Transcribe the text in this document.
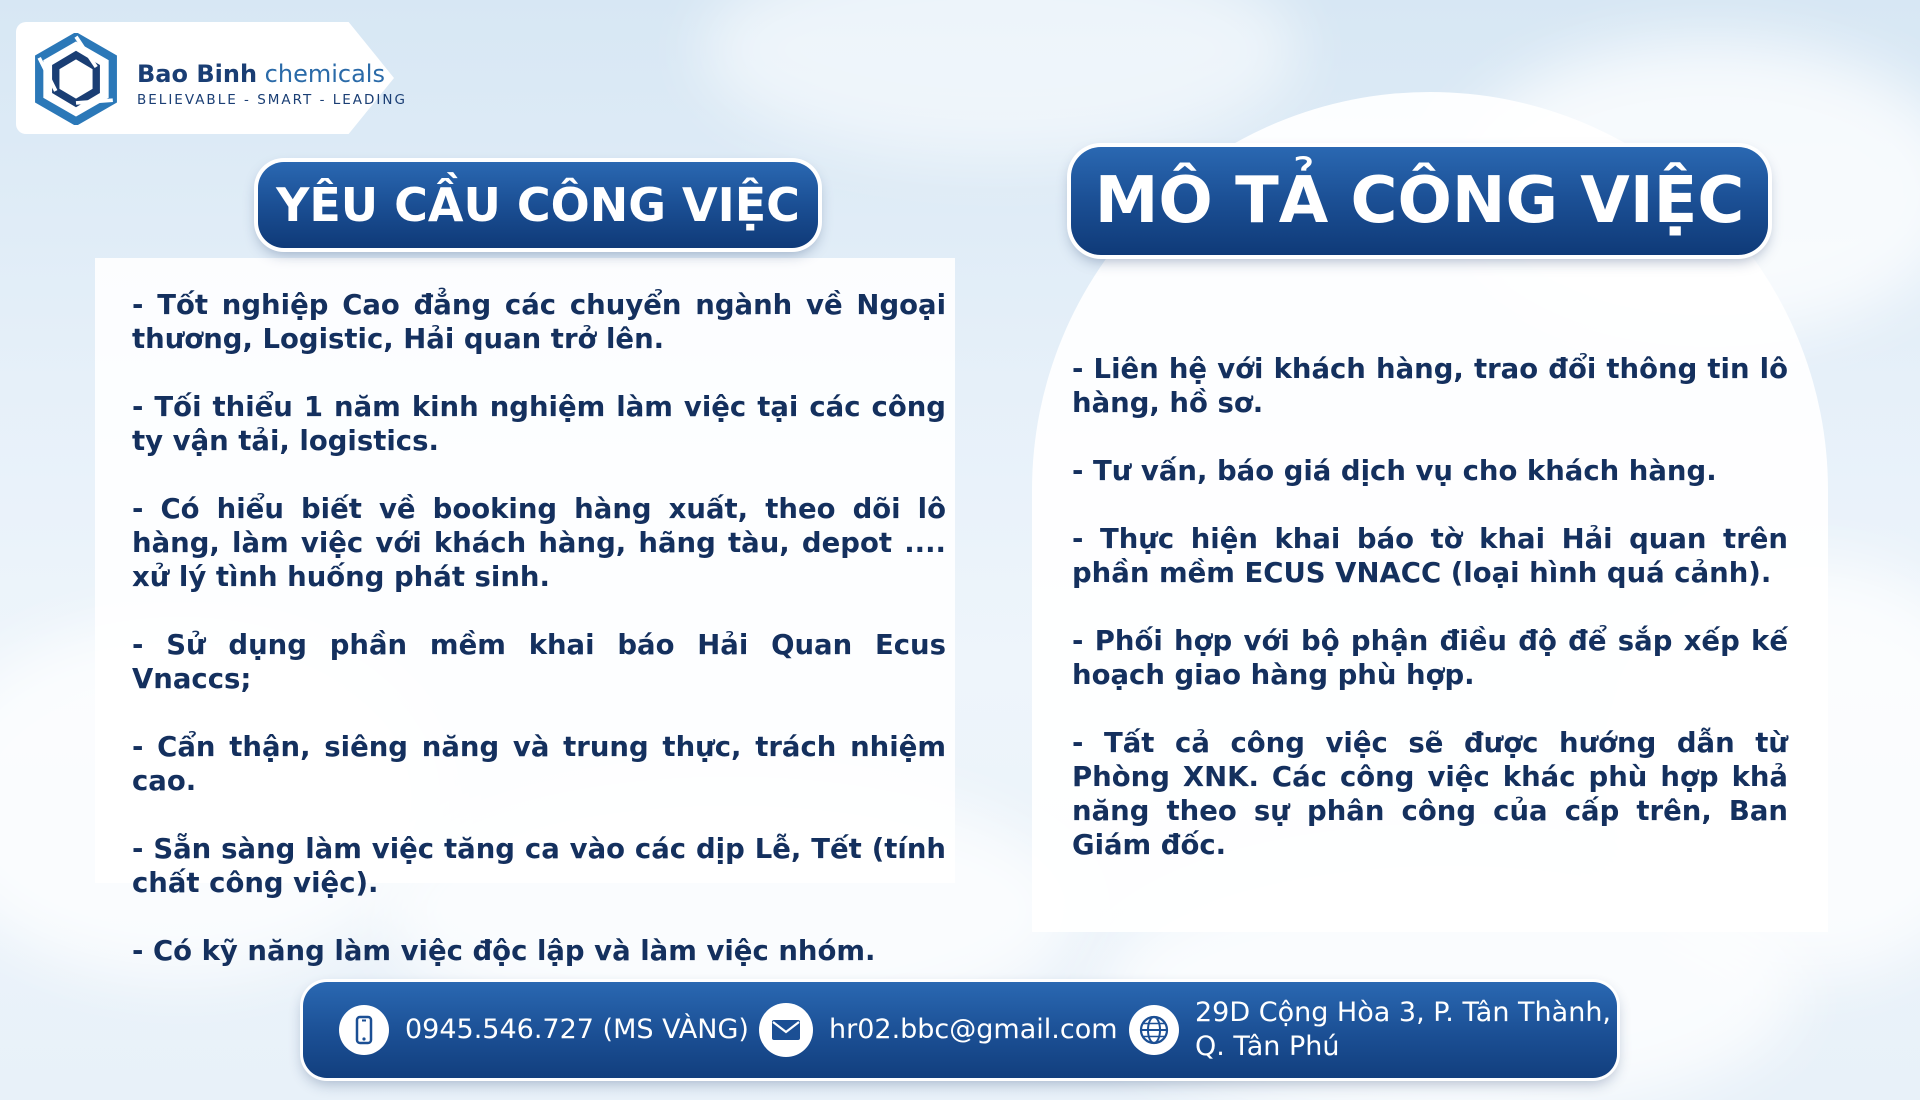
Bao Binh chemicals
BELIEVABLE - SMART - LEADING
YÊU CẦU CÔNG VIỆC	MÔ TẢ CÔNG VIỆC

- Tốt nghiệp Cao đẳng các chuyển ngành về Ngoại thương, Logistic, Hải quan trở lên.

- Tối thiểu 1 năm kinh nghiệm làm việc tại các công ty vận tải, logistics.

- Có hiểu biết về booking hàng xuất, theo dõi lô hàng, làm việc với khách hàng, hãng tàu, depot .... xử lý tình huống phát sinh.

- Sử dụng phần mềm khai báo Hải Quan Ecus Vnaccs;

- Cẩn thận, siêng năng và trung thực, trách nhiệm cao.

- Sẵn sàng làm việc tăng ca vào các dịp Lễ, Tết (tính chất công việc).

- Có kỹ năng làm việc độc lập và làm việc nhóm.

- Liên hệ với khách hàng, trao đổi thông tin lô hàng, hồ sơ.

- Tư vấn, báo giá dịch vụ cho khách hàng.

- Thực hiện khai báo tờ khai Hải quan trên phần mềm ECUS VNACC (loại hình quá cảnh).

- Phối hợp với bộ phận điều độ để sắp xếp kế hoạch giao hàng phù hợp.

- Tất cả công việc sẽ được hướng dẫn từ Phòng XNK. Các công việc khác phù hợp khả năng theo sự phân công của cấp trên, Ban Giám đốc.

0945.546.727 (MS VÀNG)	hr02.bbc@gmail.com
29D Cộng Hòa 3, P. Tân Thành,
Q. Tân Phú
